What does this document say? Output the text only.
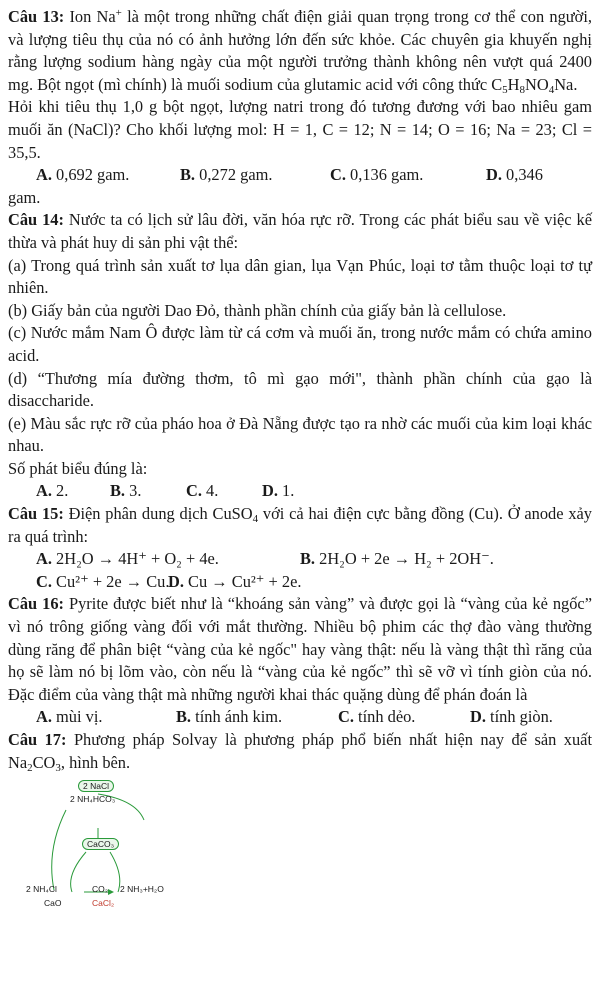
Câu 13: Ion Na+ là một trong những chất điện giải quan trọng trong cơ thể con người, và lượng tiêu thụ của nó có ảnh hưởng lớn đến sức khỏe. Các chuyên gia khuyến nghị rằng lượng sodium hàng ngày của một người trưởng thành không nên vượt quá 2400 mg. Bột ngọt (mì chính) là muối sodium của glutamic acid với công thức $C_5H_8NO_4Na$.

Hỏi khi tiêu thụ 1,0 g bột ngọt, lượng natri trong đó tương đương với bao nhiêu gam muối ăn (NaCl)? Cho khối lượng mol: H = 1, C = 12; N = 14; O = 16; Na = 23; Cl = 35,5.

A. 0,692 gam.	B. 0,272 gam.	C. 0,136 gam.	D. 0,346

gam.

Câu 14: Nước ta có lịch sử lâu đời, văn hóa rực rỡ. Trong các phát biểu sau về việc kế thừa và phát huy di sản phi vật thể:

(a) Trong quá trình sản xuất tơ lụa dân gian, lụa Vạn Phúc, loại tơ tằm thuộc loại tơ tự nhiên.

(b) Giấy bản của người Dao Đỏ, thành phần chính của giấy bản là cellulose.

(c) Nước mắm Nam Ô được làm từ cá cơm và muối ăn, trong nước mắm có chứa amino acid.

(d) “Thương mía đường thơm, tô mì gạo mới", thành phần chính của gạo là disaccharide.

(e) Màu sắc rực rỡ của pháo hoa ở Đà Nẵng được tạo ra nhờ các muối của kim loại khác nhau.

Số phát biểu đúng là:

A. 2.	B. 3.	C. 4.	D. 1.

Câu 15: Điện phân dung dịch CuSO$_4$ với cả hai điện cực bằng đồng (Cu). Ở anode xảy ra quá trình:

A. 2H₂O → 4H⁺ + O₂ + 4e.	B. 2H₂O + 2e → H₂ + 2OH⁻.
C. Cu²⁺ + 2e → Cu.
D. Cu → Cu²⁺ + 2e.

Câu 16: Pyrite được biết như là “khoáng sản vàng” và được gọi là “vàng của kẻ ngốc” vì nó trông giống vàng đối với mắt thường. Nhiều bộ phim các thợ đào vàng thường dùng răng để phân biệt “vàng của kẻ ngốc" hay vàng thật: nếu là vàng thật thì răng của họ sẽ làm nó bị lõm vào, còn nếu là “vàng của kẻ ngốc” thì sẽ vỡ vì tính giòn của nó. Đặc điểm của vàng thật mà những người khai thác quặng dùng để phán đoán là

A. mùi vị.	B. tính ánh kim.	C. tính dẻo.	D. tính giòn.

Câu 17: Phương pháp Solvay là phương pháp phổ biến nhất hiện nay để sản xuất $Na_2CO_3$, hình bên.

2 NaCl
2 NH₄HCO₃
CaCO₃
2 NH₄Cl	CO₂ 2 NH₃+H₂O
CaO	CaCl₂
